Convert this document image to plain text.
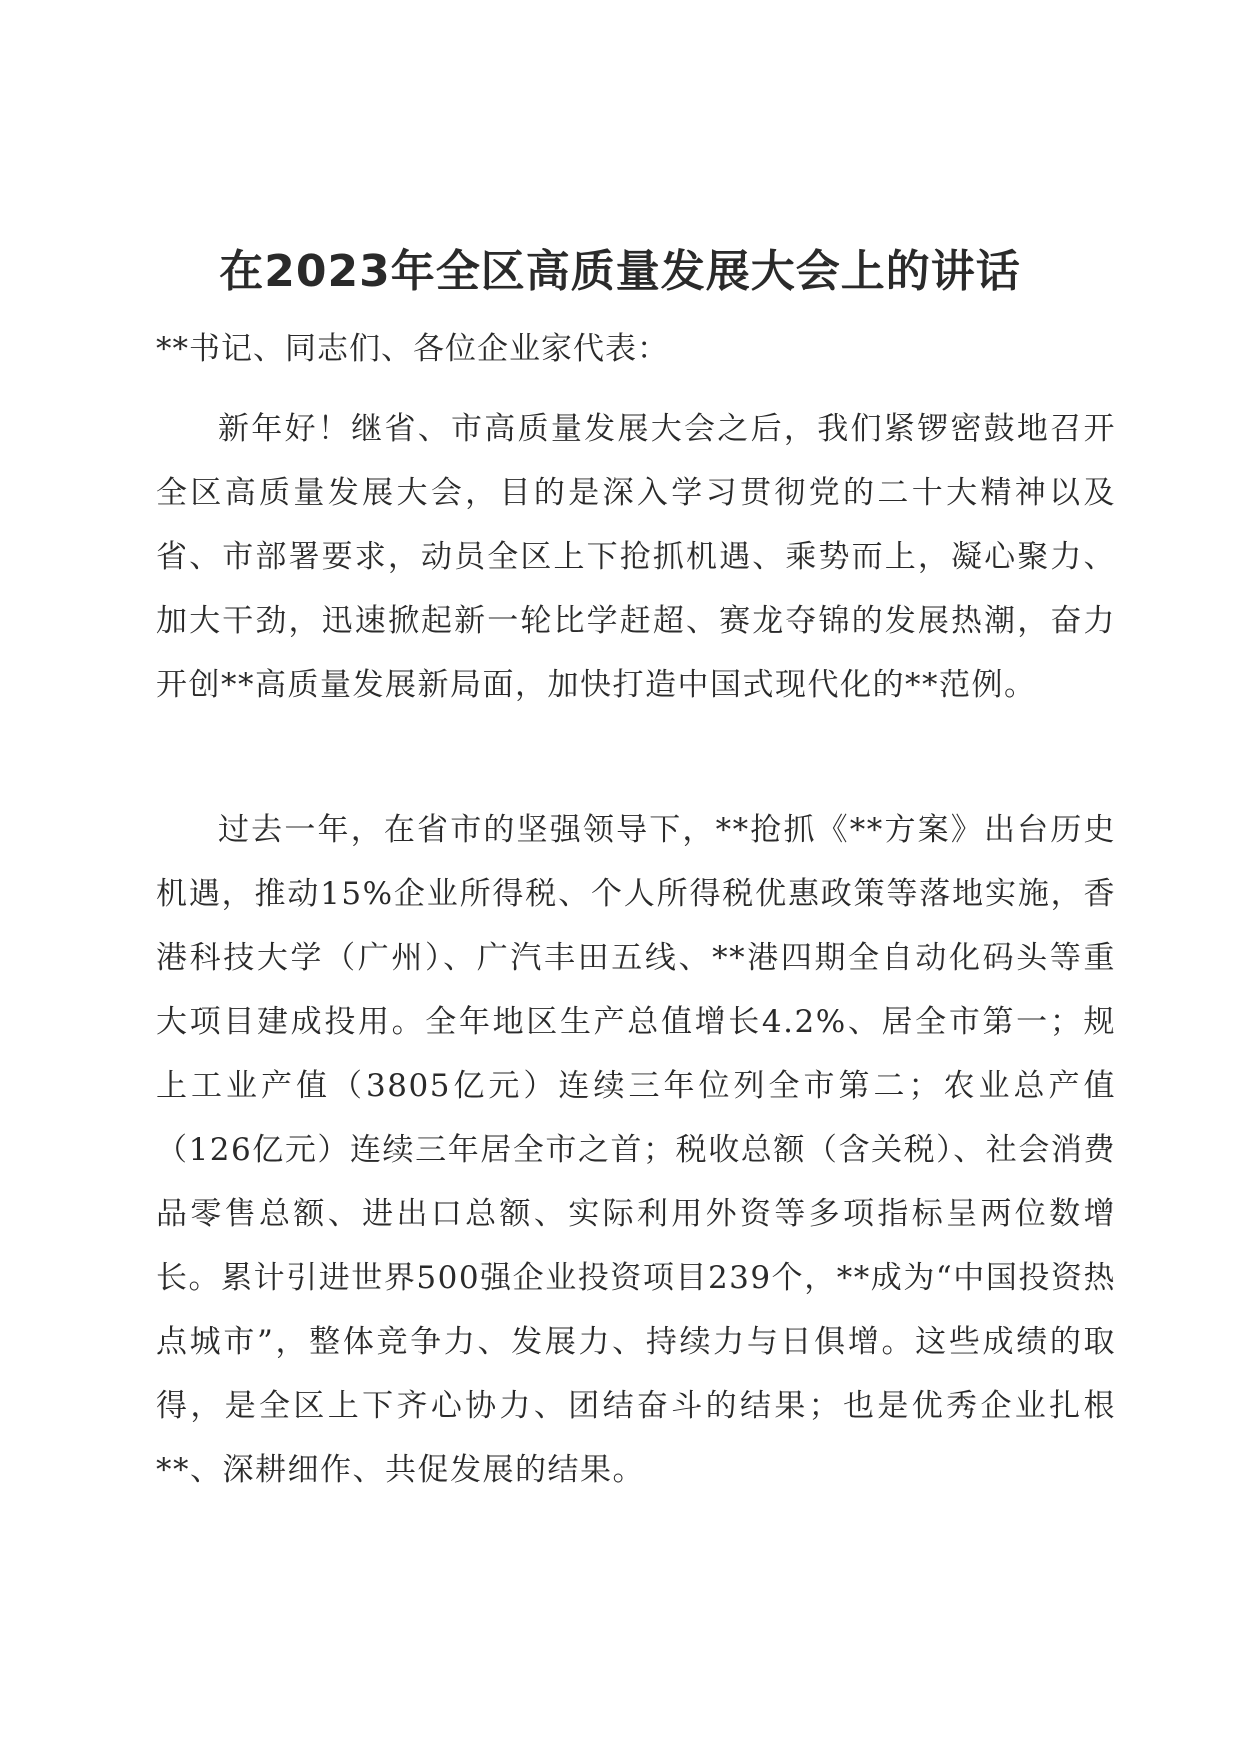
在2023年全区高质量发展大会上的讲话

**书记、同志们、各位企业家代表：

新年好！继省、市高质量发展大会之后，我们紧锣密鼓地召开全区高质量发展大会，目的是深入学习贯彻党的二十大精神以及省、市部署要求，动员全区上下抢抓机遇、乘势而上，凝心聚力、加大干劲，迅速掀起新一轮比学赶超、赛龙夺锦的发展热潮，奋力开创**高质量发展新局面，加快打造中国式现代化的**范例。

过去一年，在省市的坚强领导下，**抢抓《**方案》出台历史机遇，推动15%企业所得税、个人所得税优惠政策等落地实施，香港科技大学（广州）、广汽丰田五线、**港四期全自动化码头等重大项目建成投用。全年地区生产总值增长4.2%、居全市第一；规上工业产值（3805亿元）连续三年位列全市第二；农业总产值（126亿元）连续三年居全市之首；税收总额（含关税）、社会消费品零售总额、进出口总额、实际利用外资等多项指标呈两位数增长。累计引进世界500强企业投资项目239个，**成为“中国投资热点城市”，整体竞争力、发展力、持续力与日俱增。这些成绩的取得，是全区上下齐心协力、团结奋斗的结果；也是优秀企业扎根**、深耕细作、共促发展的结果。
